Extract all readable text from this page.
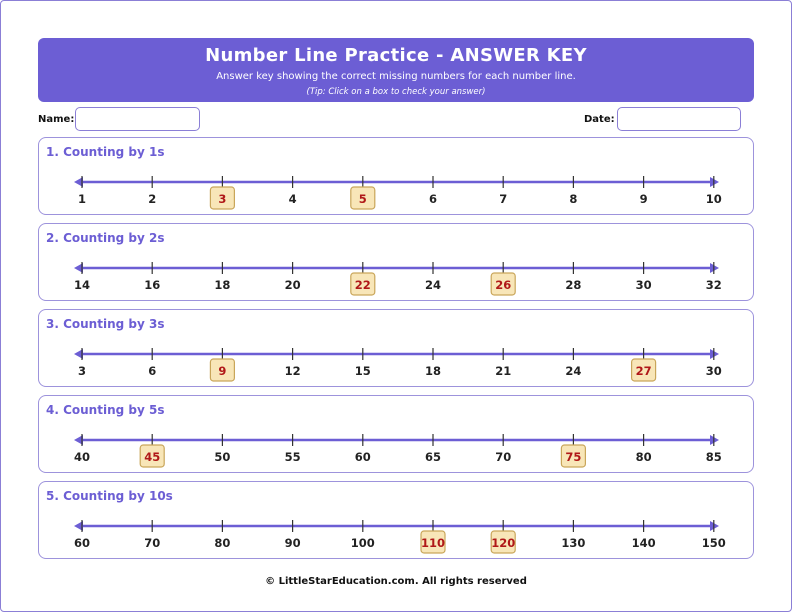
Number Line Practice - ANSWER KEY
Answer key showing the correct missing numbers for each number line.
(Tip: Click on a box to check your answer)
Name:	Date:
1. Counting by 1s
1	2	3	4	5	6	7	8	9	10
2. Counting by 2s
14	16	18	20	22	24	26	28	30	32
3. Counting by 3s
3	6	9	12	15	18	21	24	27	30
4. Counting by 5s
40	45	50	55	60	65	70	75	80	85
5. Counting by 10s
60	70	80	90	100	110	120	130	140	150
© LittleStarEducation.com. All rights reserved
